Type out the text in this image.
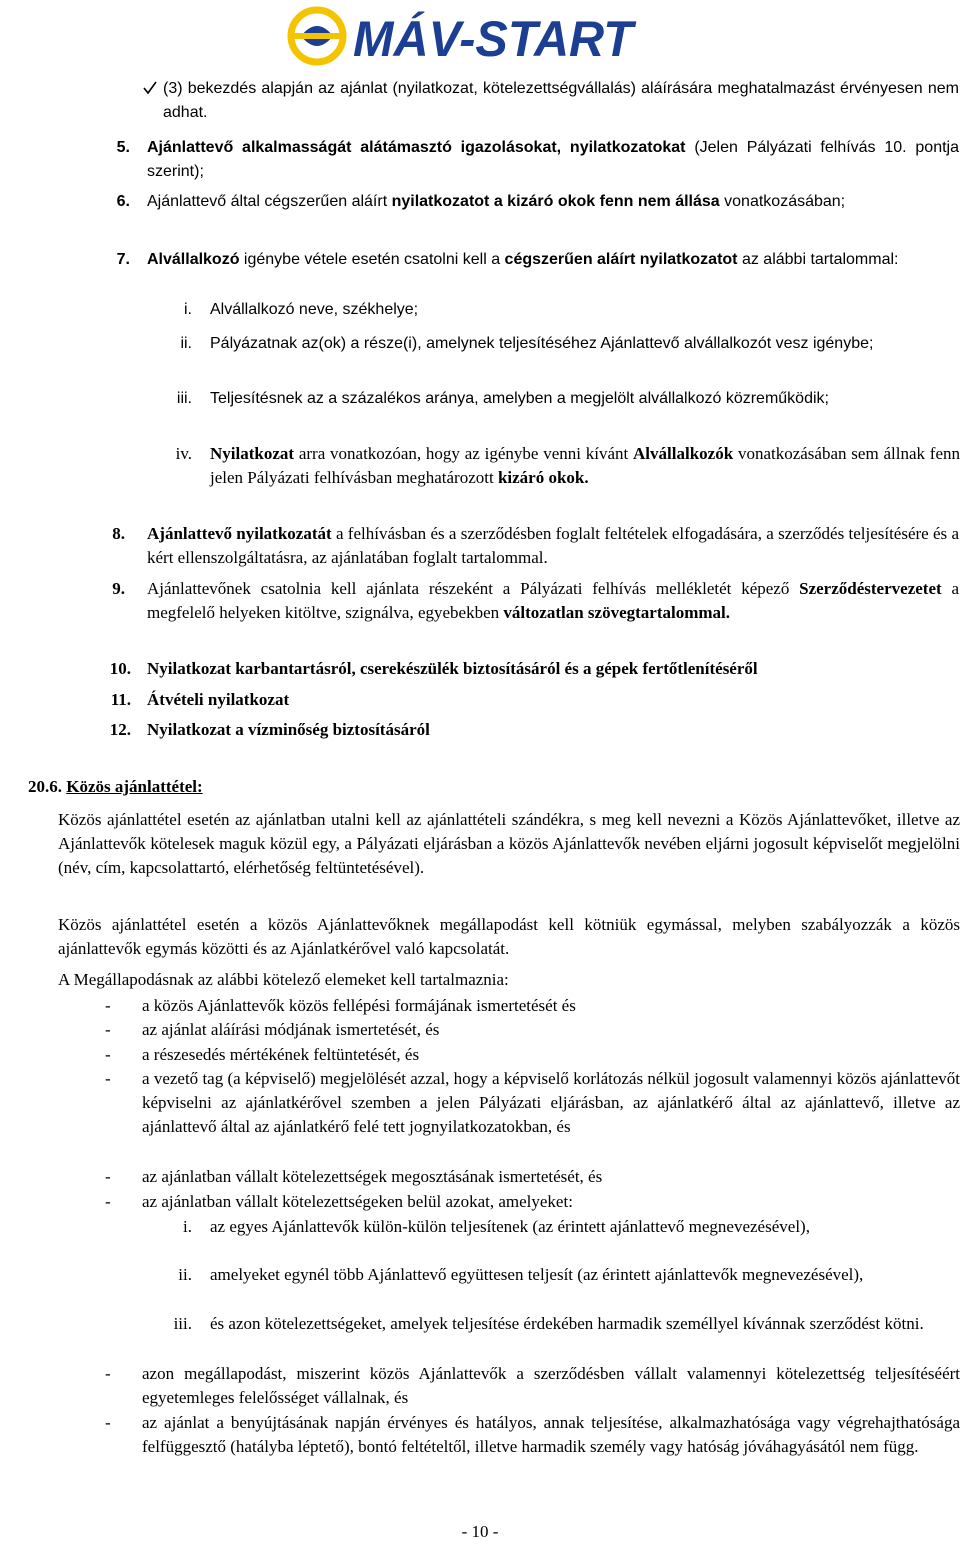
MÁV-START
(3) bekezdés alapján az ajánlat (nyilatkozat, kötelezettségvállalás) aláírására meghatalmazást érvényesen nem adhat.
5. Ajánlattevő alkalmasságát alátámasztó igazolásokat, nyilatkozatokat (Jelen Pályázati felhívás 10. pontja szerint);
6. Ajánlattevő által cégszerűen aláírt nyilatkozatot a kizáró okok fenn nem állása vonatkozásában;
7. Alvállalkozó igénybe vétele esetén csatolni kell a cégszerűen aláírt nyilatkozatot az alábbi tartalommal:
i. Alvállalkozó neve, székhelye;
ii. Pályázatnak az(ok) a része(i), amelynek teljesítéséhez Ajánlattevő alvállalkozót vesz igénybe;
iii. Teljesítésnek az a százalékos aránya, amelyben a megjelölt alvállalkozó közreműködik;
iv. Nyilatkozat arra vonatkozóan, hogy az igénybe venni kívánt Alvállalkozók vonatkozásában sem állnak fenn jelen Pályázati felhívásban meghatározott kizáró okok.
8. Ajánlattevő nyilatkozatát a felhívásban és a szerződésben foglalt feltételek elfogadására, a szerződés teljesítésére és a kért ellenszolgáltatásra, az ajánlatában foglalt tartalommal.
9. Ajánlattevőnek csatolnia kell ajánlata részeként a Pályázati felhívás mellékletét képező Szerződéstervezetet a megfelelő helyeken kitöltve, szignálva, egyebekben változatlan szövegtartalommal.
10. Nyilatkozat karbantartásról, cserekészülék biztosításáról és a gépek fertőtlenítéséről
11. Átvételi nyilatkozat
12. Nyilatkozat a vízminőség biztosításáról
20.6. Közös ajánlattétel:
Közös ajánlattétel esetén az ajánlatban utalni kell az ajánlattételi szándékra, s meg kell nevezni a Közös Ajánlattevőket, illetve az Ajánlattevők kötelesek maguk közül egy, a Pályázati eljárásban a közös Ajánlattevők nevében eljárni jogosult képviselőt megjelölni (név, cím, kapcsolattartó, elérhetőség feltüntetésével).
Közös ajánlattétel esetén a közös Ajánlattevőknek megállapodást kell kötniük egymással, melyben szabályozzák a közös ajánlattevők egymás közötti és az Ajánlatkérővel való kapcsolatát.
A Megállapodásnak az alábbi kötelező elemeket kell tartalmaznia:
- a közös Ajánlattevők közös fellépési formájának ismertetését és
- az ajánlat aláírási módjának ismertetését, és
- a részesedés mértékének feltüntetését, és
- a vezető tag (a képviselő) megjelölését azzal, hogy a képviselő korlátozás nélkül jogosult valamennyi közös ajánlattevőt képviselni az ajánlatkérővel szemben a jelen Pályázati eljárásban, az ajánlatkérő által az ajánlattevő, illetve az ajánlattevő által az ajánlatkérő felé tett jognyilatkozatokban, és
- az ajánlatban vállalt kötelezettségek megosztásának ismertetését, és
- az ajánlatban vállalt kötelezettségeken belül azokat, amelyeket:
i. az egyes Ajánlattevők külön-külön teljesítenek (az érintett ajánlattevő megnevezésével),
ii. amelyeket egynél több Ajánlattevő együttesen teljesít (az érintett ajánlattevők megnevezésével),
iii. és azon kötelezettségeket, amelyek teljesítése érdekében harmadik személlyel kívánnak szerződést kötni.
- azon megállapodást, miszerint közös Ajánlattevők a szerződésben vállalt valamennyi kötelezettség teljesítéséért egyetemleges felelősséget vállalnak, és
- az ajánlat a benyújtásának napján érvényes és hatályos, annak teljesítése, alkalmazhatósága vagy végrehajthatósága felfüggesztő (hatályba léptető), bontó feltételtől, illetve harmadik személy vagy hatóság jóváhagyásától nem függ.
- 10 -
